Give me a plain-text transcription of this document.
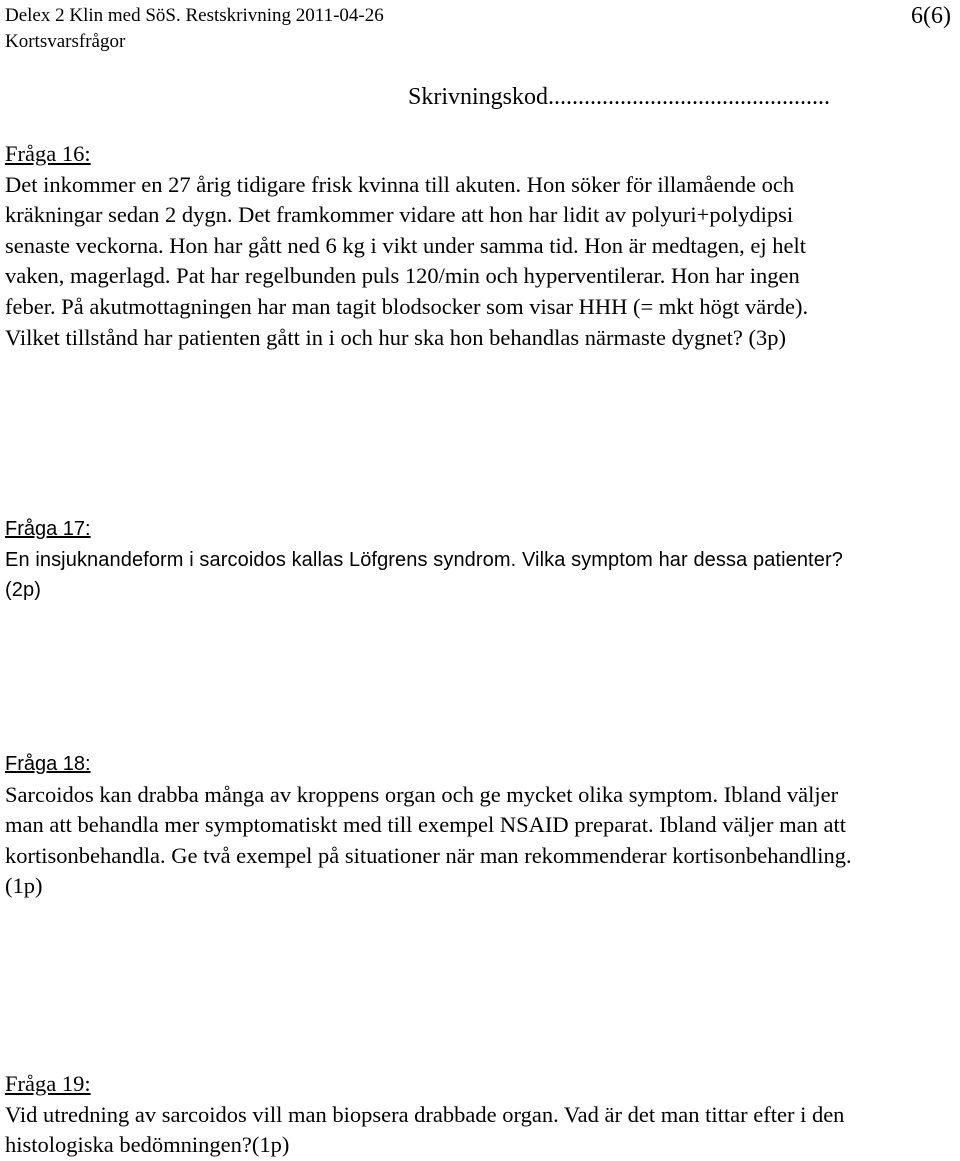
Delex 2 Klin med SöS. Restskrivning 2011-04-26
Kortsvarsfrågor
6(6)
Skrivningskod...............................................
Fråga 16:
Det inkommer en 27 årig tidigare frisk kvinna till akuten. Hon söker för illamående och
kräkningar sedan 2 dygn. Det framkommer vidare att hon har lidit av polyuri+polydipsi
senaste veckorna. Hon har gått ned 6 kg i vikt under samma tid. Hon är medtagen, ej helt
vaken, magerlagd. Pat har regelbunden puls 120/min och hyperventilerar. Hon har ingen
feber. På akutmottagningen har man tagit blodsocker som visar HHH (= mkt högt värde).
Vilket tillstånd har patienten gått in i och hur ska hon behandlas närmaste dygnet? (3p)
Fråga 17:
En insjuknandeform i sarcoidos kallas Löfgrens syndrom. Vilka symptom har dessa patienter?
(2p)
Fråga 18:
Sarcoidos kan drabba många av kroppens organ och ge mycket olika symptom. Ibland väljer
man att behandla mer symptomatiskt med till exempel NSAID preparat. Ibland väljer man att
kortisonbehandla. Ge två exempel på situationer när man rekommenderar kortisonbehandling.
(1p)
Fråga 19:
Vid utredning av sarcoidos vill man biopsera drabbade organ. Vad är det man tittar efter i den
histologiska bedömningen?(1p)
